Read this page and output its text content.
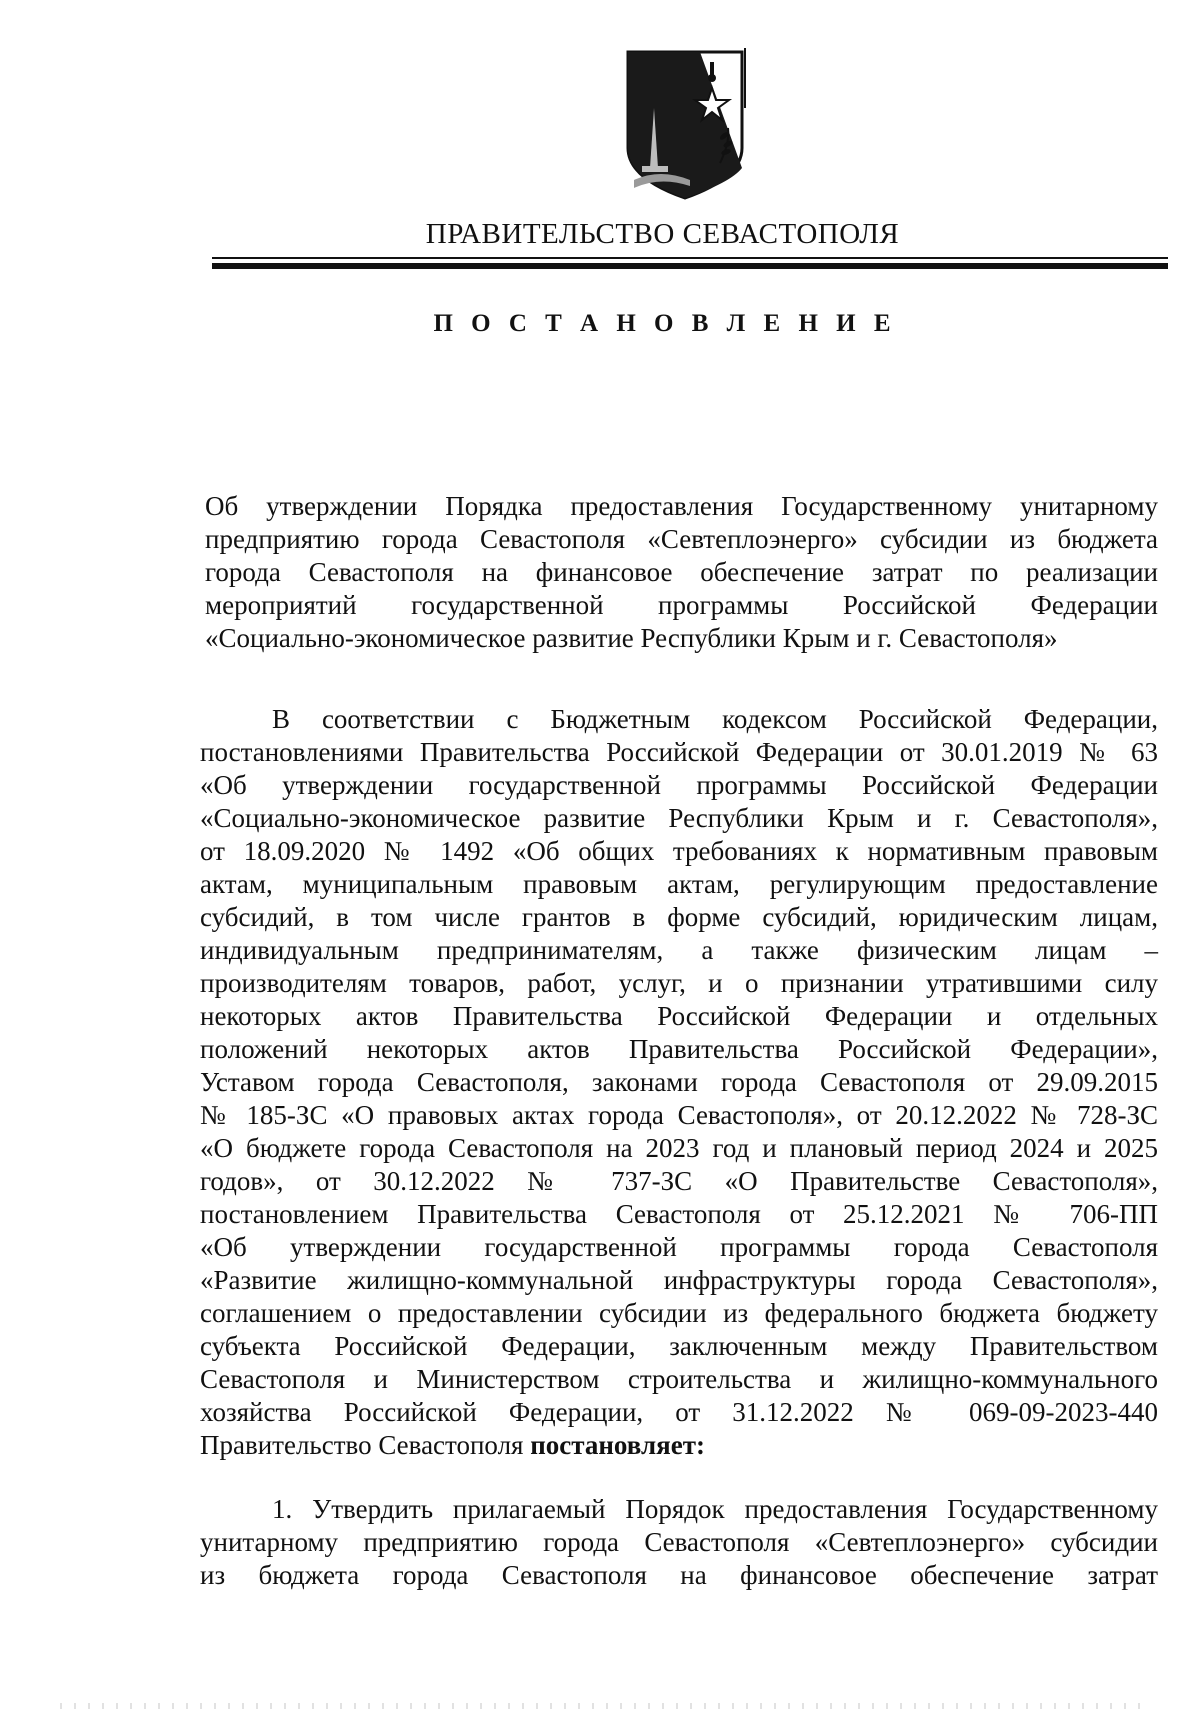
ПРАВИТЕЛЬСТВО СЕВАСТОПОЛЯ
П О С Т А Н О В Л Е Н И Е
Об утверждении Порядка предоставления Государственному унитарному
предприятию города Севастополя «Севтеплоэнерго» субсидии из бюджета
города Севастополя на финансовое обеспечение затрат по реализации
мероприятий государственной программы Российской Федерации
«Социально-экономическое развитие Республики Крым и г. Севастополя»
В соответствии с Бюджетным кодексом Российской Федерации,
постановлениями Правительства Российской Федерации от 30.01.2019 № 63
«Об утверждении государственной программы Российской Федерации
«Социально-экономическое развитие Республики Крым и г. Севастополя»,
от 18.09.2020 № 1492 «Об общих требованиях к нормативным правовым
актам, муниципальным правовым актам, регулирующим предоставление
субсидий, в том числе грантов в форме субсидий, юридическим лицам,
индивидуальным предпринимателям, а также физическим лицам –
производителям товаров, работ, услуг, и о признании утратившими силу
некоторых актов Правительства Российской Федерации и отдельных
положений некоторых актов Правительства Российской Федерации»,
Уставом города Севастополя, законами города Севастополя от 29.09.2015
№ 185-ЗС «О правовых актах города Севастополя», от 20.12.2022 № 728-ЗС
«О бюджете города Севастополя на 2023 год и плановый период 2024 и 2025
годов», от 30.12.2022 № 737-ЗС «О Правительстве Севастополя»,
постановлением Правительства Севастополя от 25.12.2021 № 706-ПП
«Об утверждении государственной программы города Севастополя
«Развитие жилищно-коммунальной инфраструктуры города Севастополя»,
соглашением о предоставлении субсидии из федерального бюджета бюджету
субъекта Российской Федерации, заключенным между Правительством
Севастополя и Министерством строительства и жилищно-коммунального
хозяйства Российской Федерации, от 31.12.2022 № 069-09-2023-440
Правительство Севастополя постановляет:
1. Утвердить прилагаемый Порядок предоставления Государственному
унитарному предприятию города Севастополя «Севтеплоэнерго» субсидии
из бюджета города Севастополя на финансовое обеспечение затрат
